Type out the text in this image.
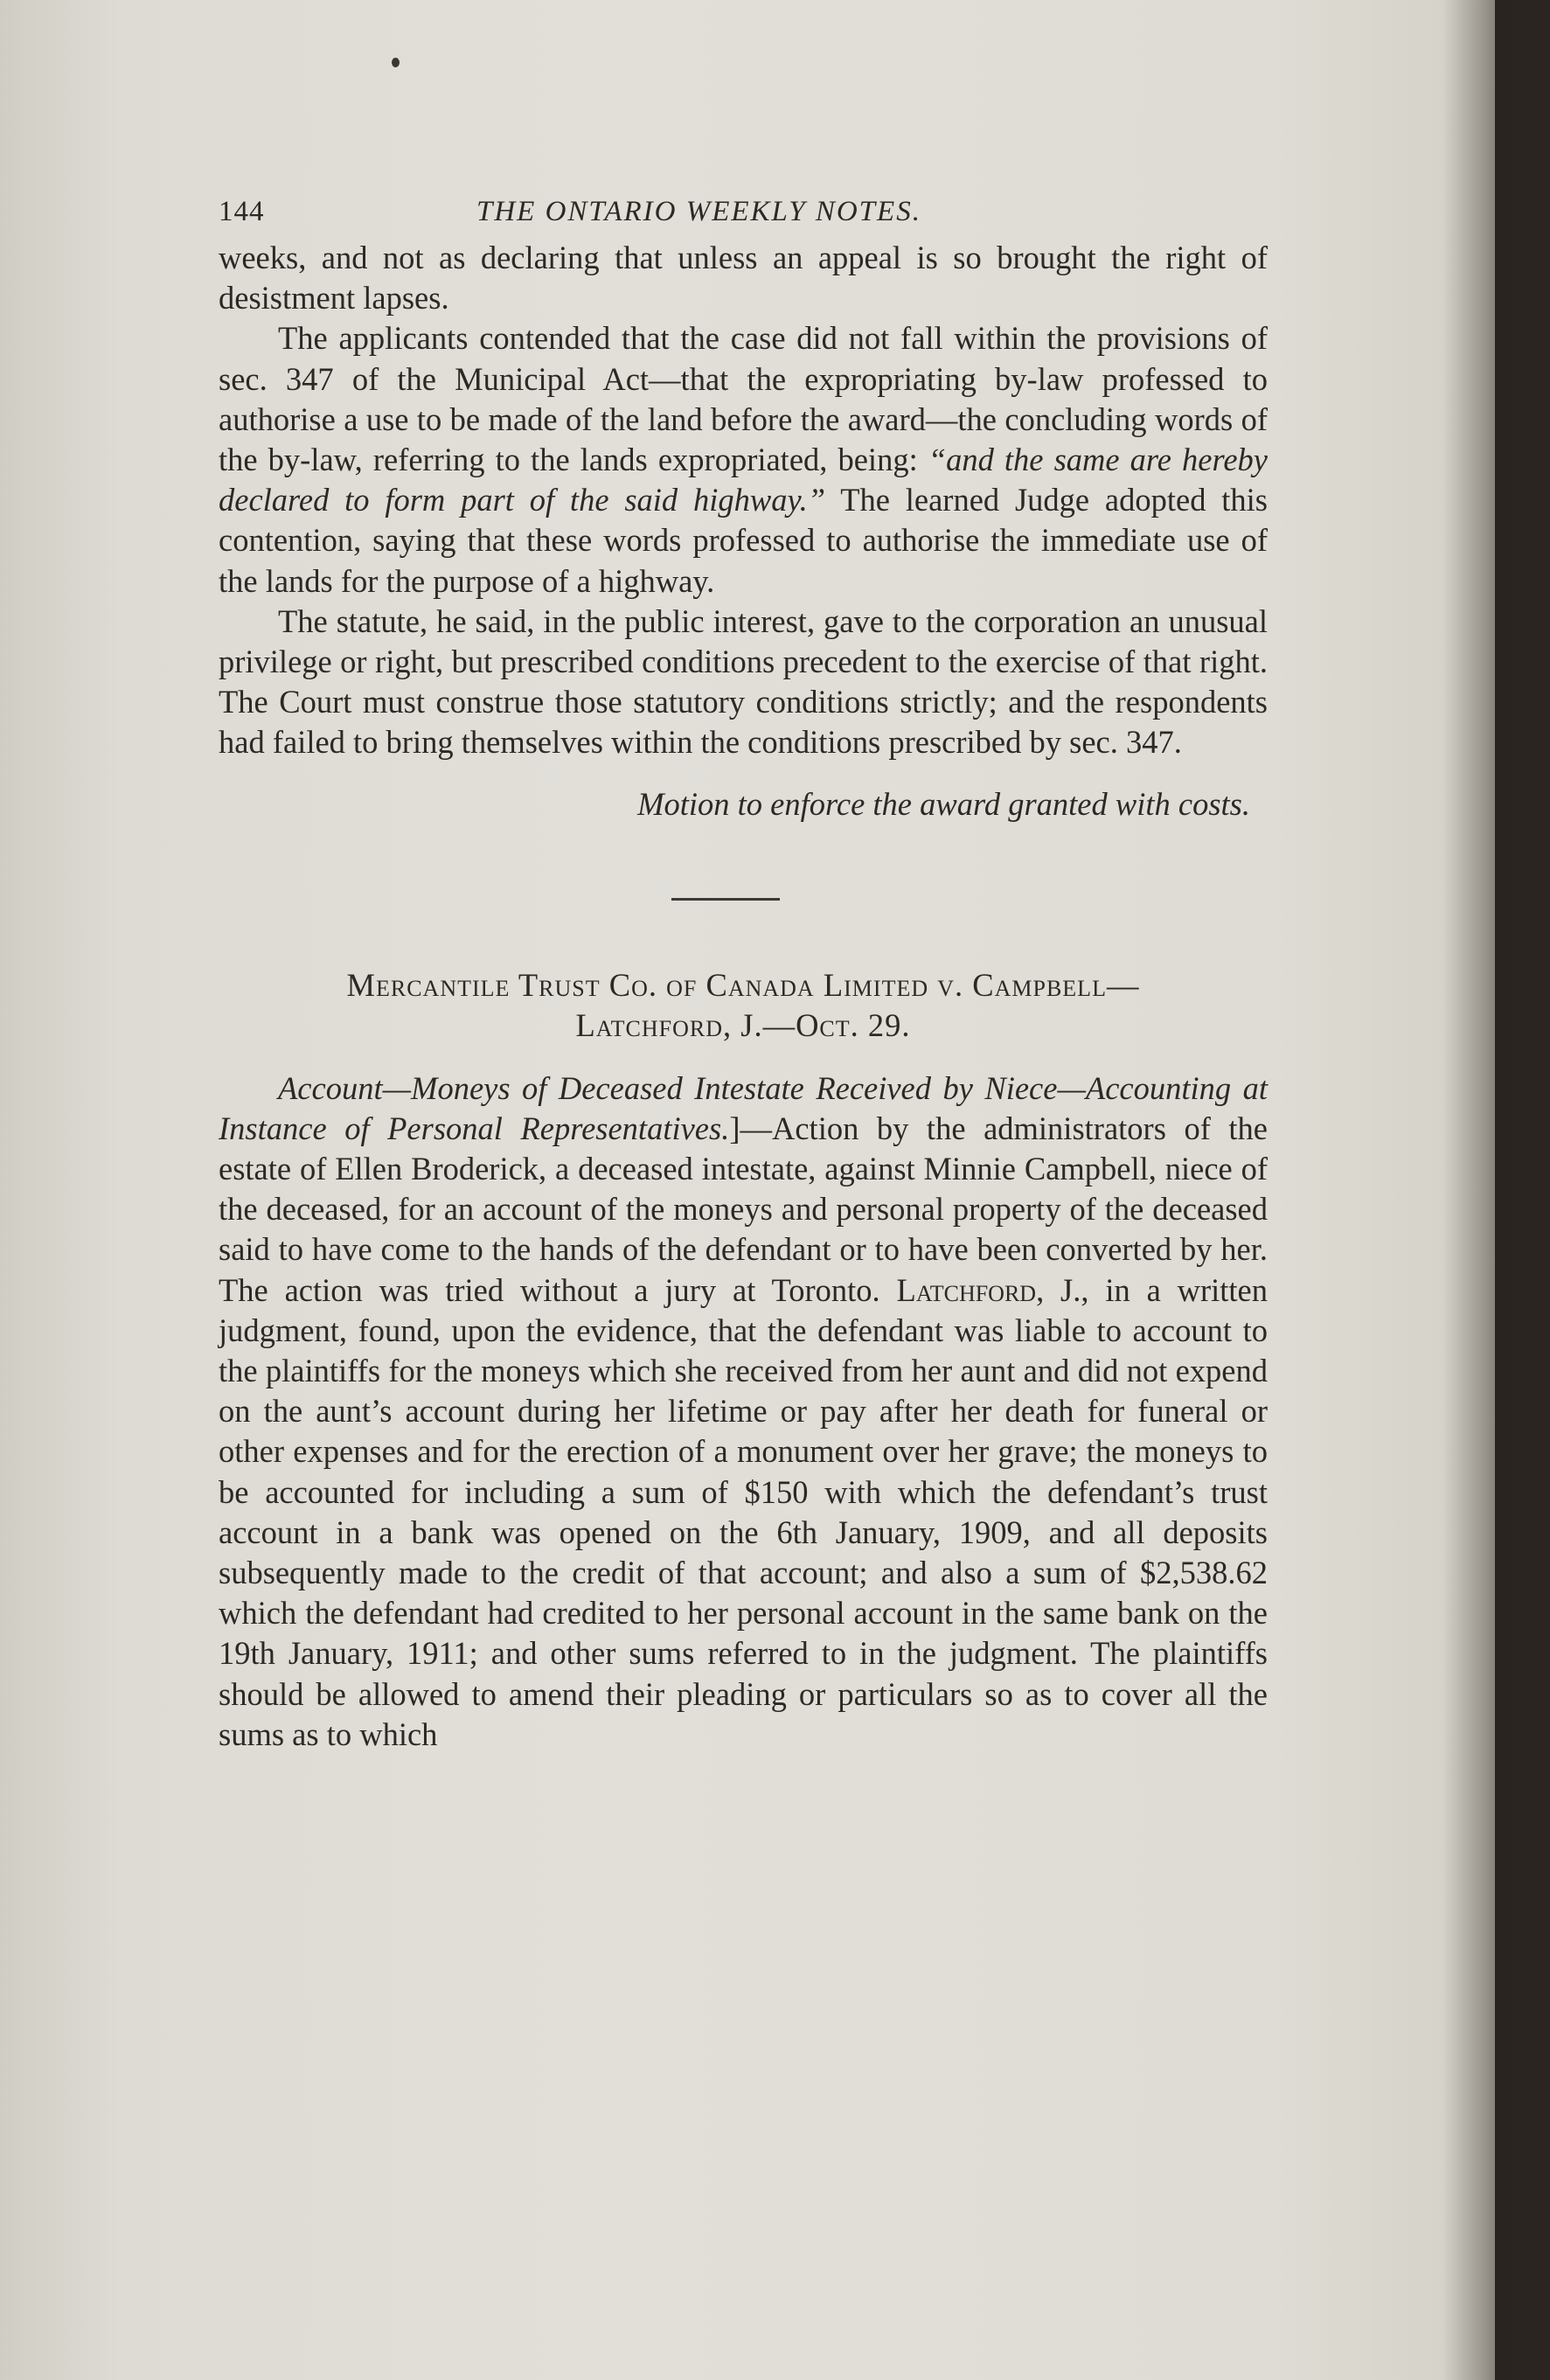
144	THE ONTARIO WEEKLY NOTES.

weeks, and not as declaring that unless an appeal is so brought the right of desistment lapses.

The applicants contended that the case did not fall within the provisions of sec. 347 of the Municipal Act—that the expropriating by-law professed to authorise a use to be made of the land before the award—the concluding words of the by-law, referring to the lands expropriated, being: “and the same are hereby declared to form part of the said highway.” The learned Judge adopted this contention, saying that these words professed to authorise the immediate use of the lands for the purpose of a highway.

The statute, he said, in the public interest, gave to the corporation an unusual privilege or right, but prescribed conditions precedent to the exercise of that right. The Court must construe those statutory conditions strictly; and the respondents had failed to bring themselves within the conditions prescribed by sec. 347.

Motion to enforce the award granted with costs.

Mercantile Trust Co. of Canada Limited v. Campbell—
Latchford, J.—Oct. 29.

Account—Moneys of Deceased Intestate Received by Niece—Accounting at Instance of Personal Representatives.]—Action by the administrators of the estate of Ellen Broderick, a deceased intestate, against Minnie Campbell, niece of the deceased, for an account of the moneys and personal property of the deceased said to have come to the hands of the defendant or to have been converted by her. The action was tried without a jury at Toronto. Latchford, J., in a written judgment, found, upon the evidence, that the defendant was liable to account to the plaintiffs for the moneys which she received from her aunt and did not expend on the aunt’s account during her lifetime or pay after her death for funeral or other expenses and for the erection of a monument over her grave; the moneys to be accounted for including a sum of $150 with which the defendant’s trust account in a bank was opened on the 6th January, 1909, and all deposits subsequently made to the credit of that account; and also a sum of $2,538.62 which the defendant had credited to her personal account in the same bank on the 19th January, 1911; and other sums referred to in the judgment. The plaintiffs should be allowed to amend their pleading or particulars so as to cover all the sums as to which
